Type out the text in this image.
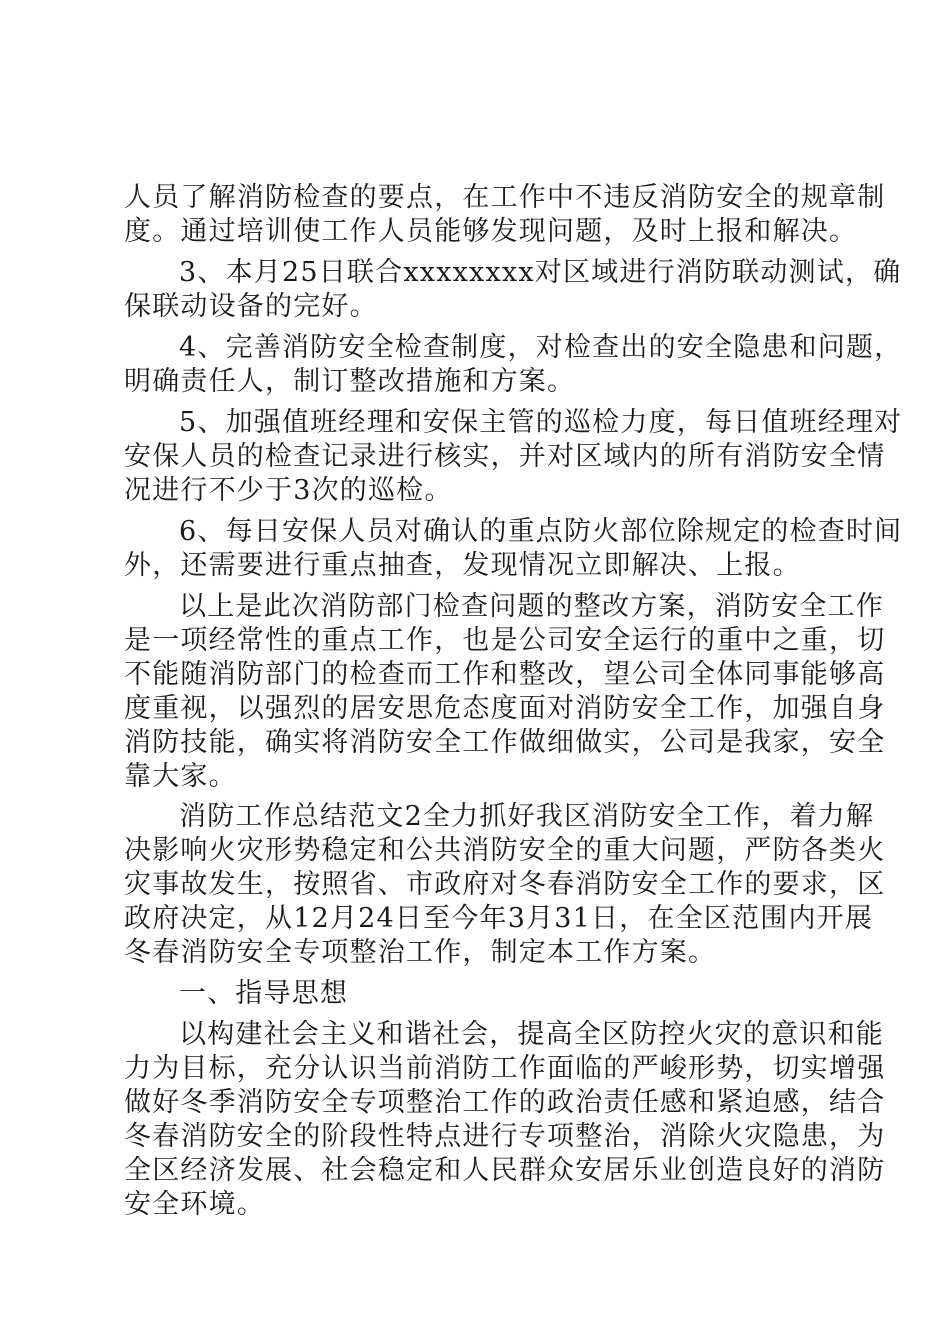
人员了解消防检查的要点，在工作中不违反消防安全的规章制
度。通过培训使工作人员能够发现问题，及时上报和解决。
3、本月25日联合xxxxxxxx对区域进行消防联动测试，确
保联动设备的完好。
4、完善消防安全检查制度，对检查出的安全隐患和问题，
明确责任人，制订整改措施和方案。
5、加强值班经理和安保主管的巡检力度，每日值班经理对
安保人员的检查记录进行核实，并对区域内的所有消防安全情
况进行不少于3次的巡检。
6、每日安保人员对确认的重点防火部位除规定的检查时间
外，还需要进行重点抽查，发现情况立即解决、上报。
以上是此次消防部门检查问题的整改方案，消防安全工作
是一项经常性的重点工作，也是公司安全运行的重中之重，切
不能随消防部门的检查而工作和整改，望公司全体同事能够高
度重视，以强烈的居安思危态度面对消防安全工作，加强自身
消防技能，确实将消防安全工作做细做实，公司是我家，安全
靠大家。
消防工作总结范文2全力抓好我区消防安全工作，着力解
决影响火灾形势稳定和公共消防安全的重大问题，严防各类火
灾事故发生，按照省、市政府对冬春消防安全工作的要求，区
政府决定，从12月24日至今年3月31日，在全区范围内开展
冬春消防安全专项整治工作，制定本工作方案。
一、指导思想
以构建社会主义和谐社会，提高全区防控火灾的意识和能
力为目标，充分认识当前消防工作面临的严峻形势，切实增强
做好冬季消防安全专项整治工作的政治责任感和紧迫感，结合
冬春消防安全的阶段性特点进行专项整治，消除火灾隐患，为
全区经济发展、社会稳定和人民群众安居乐业创造良好的消防
安全环境。
